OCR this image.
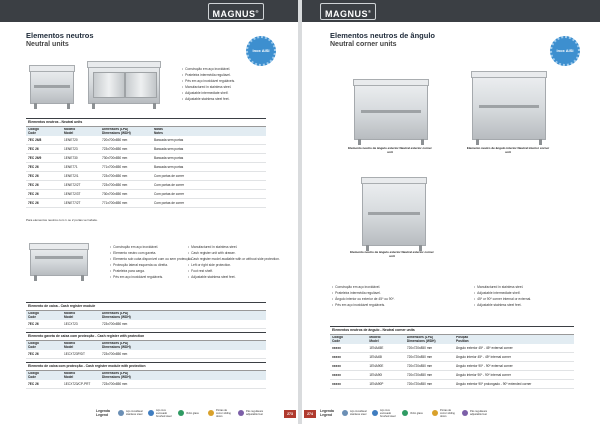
MAGNUS®
Elementos neutros
Neutral units
Inox AISI
• Construção em aço inoxidável.
• Prateleira intermédia regulável.
• Pés em aço inoxidável reguláveis.
• Manufactured in stainless steel.
• Adjustable intermediate shelf.
• Adjustable stainless steel feet.
Elementos neutros - Neutral units
Código
Code
Modelo
Model
Dimensões (LPA)
Dimensions (WDH)
Notas
Notes
7EC 26/8	1ENE720	720x700x850 mm	Bancada sem portas
7EC 26	1ENE723	723x700x850 mm	Bancada sem portas
7EC 26/9	1ENE730	730x700x850 mm	Bancada sem portas
7EC 26	1ENE771	771x700x850 mm	Bancada sem portas
7EC 26	1ENE72/1	723x700x850 mm	Com portas de correr
7EC 26	1ENE72/2T	723x700x850 mm	Com portas de correr
7EC 26	1ENE72/3T	730x700x850 mm	Com portas de correr
7EC 26	1ENE77/2T	771x700x850 mm	Com portas de correr
Para elementos neutros com 1 ou 2 portas ver tabela.
• Construção em aço inoxidável.
• Elemento neutro com gaveta.
• Elemento sob cuba disponível com ou sem protecção.
• Protecção lateral esquerda ou direita.
• Prateleira para carga.
• Pés em aço inoxidável reguláveis.
• Manufactured in stainless steel.
• Cash register unit with drawer.
• Cash register model available with or without side protection.
• Left or right side protection.
• Foot rest shelf.
• Adjustable stainless steel feet.
Elemento de caixa - Cash register module
Código
Code
Modelo
Model
Dimensões (LPA)
Dimensions (WDH)
7EC 26	1ECX723	723x700x850 mm
Elemento gaveta de caixa com protecção - Cash register with protection
Código
Code
Modelo
Model
Dimensões (LPA)
Dimensions (WDH)
7EC 26	1ECX723P/DT	723x700x850 mm
Elemento de caixa com protecção - Cash register module with protection
Código
Code
Modelo
Model
Dimensões (LPA)
Dimensions (WDH)
7EC 26	1ECX723/CP-PRT	723x700x850 mm
Legenda Legend
Aço inoxidável stainless steel
Aço inox escovado brushed steel
Vidro glass
Portas de correr sliding doors
Pés reguláveis adjustable feet	273
MAGNUS®
Elementos neutros de ângulo
Neutral corner units
Inox AISI
Elemento neutro de ângulo exterior Neutral exterior corner unit
Elemento neutro de ângulo interior Neutral interior corner unit
Elemento neutro de ângulo exterior Neutral exterior corner unit
• Construção em aço inoxidável.
• Prateleira intermédia regulável.
• Ângulo interior ou exterior de 45º ou 90º.
• Pés em aço inoxidável reguláveis.
• Manufactured in stainless steel.
• Adjustable intermediate shelf.
• 45º or 90º corner internal or external.
• Adjustable stainless steel feet.
Elementos neutros de ângulo - Neutral corner units
Código
Code
Modelo
Model
Dimensões (LPA)
Dimensions (WDH)
Posição
Position
xxxxx	1ENA45E	720x720x850 mm	Ângulo exterior 45º - 45º external corner
xxxxx	1ENA45I	720x720x850 mm	Ângulo interior 45º - 45º internal corner
xxxxx	1ENA90E	720x720x850 mm	Ângulo exterior 90º - 90º external corner
xxxxx	1ENA90I	720x720x850 mm	Ângulo interior 90º - 90º internal corner
xxxxx	1ENA90P	720x720x850 mm	Ângulo exterior 90º prolongado - 90º extended corner
Legenda Legend
Aço inoxidável stainless steel
Aço inox escovado brushed steel
Vidro glass
Portas de correr sliding doors
Pés reguláveis adjustable feet
274
